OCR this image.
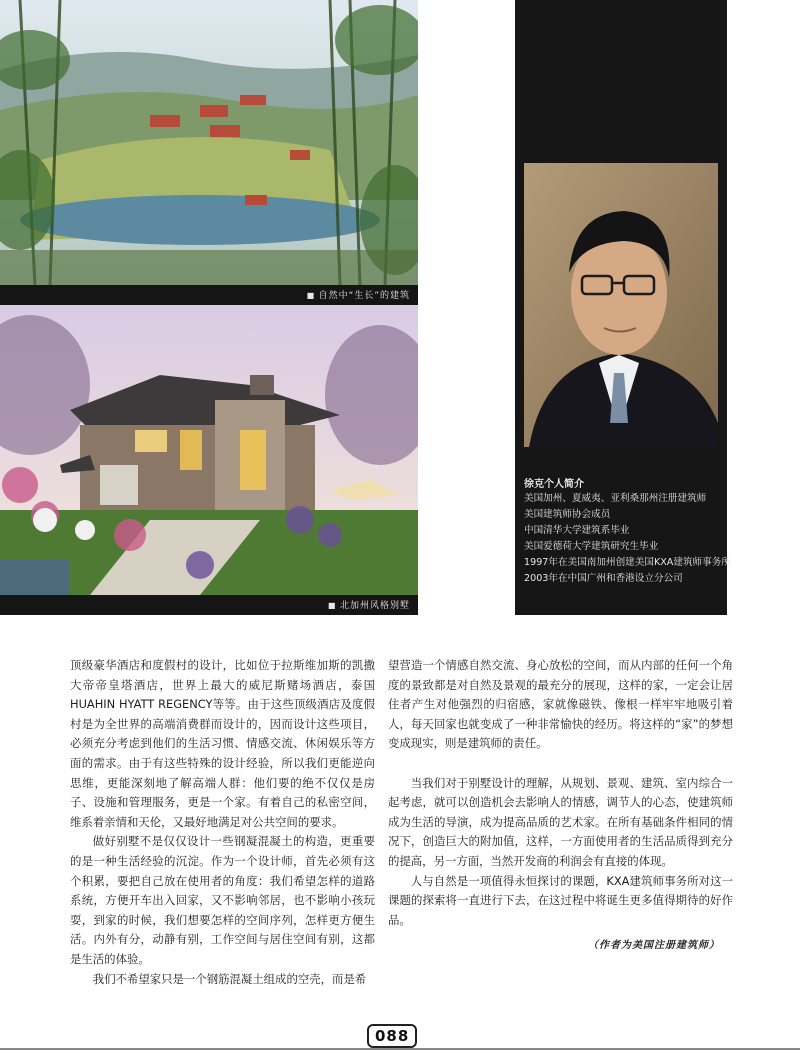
■ 自然中“生长”的建筑
■ 北加州风格别墅
徐克个人简介
美国加州、夏威夷、亚利桑那州注册建筑师
美国建筑师协会成员
中国清华大学建筑系毕业
美国爱德荷大学建筑研究生毕业
1997年在美国南加州创建美国KXA建筑师事务所
2003年在中国广州和香港设立分公司

顶级豪华酒店和度假村的设计，比如位于拉斯维加斯的凯撒大帝帝皇塔酒店，世界上最大的威尼斯赌场酒店，泰国HUAHIN HYATT REGENCY等等。由于这些顶级酒店及度假村是为全世界的高端消费群而设计的，因而设计这些项目，必须充分考虑到他们的生活习惯、情感交流、休闲娱乐等方面的需求。由于有这些特殊的设计经验，所以我们更能逆向思维，更能深刻地了解高端人群：他们要的绝不仅仅是房子、设施和管理服务，更是一个家。有着自己的私密空间，维系着亲情和天伦，又最好地满足对公共空间的要求。

做好别墅不是仅仅设计一些钢凝混凝土的构造，更重要的是一种生活经验的沉淀。作为一个设计师，首先必须有这个积累，要把自己放在使用者的角度：我们希望怎样的道路系统，方便开车出入回家，又不影响邻居，也不影响小孩玩耍，到家的时候，我们想要怎样的空间序列，怎样更方便生活。内外有分，动静有别，工作空间与居住空间有别，这都是生活的体验。

我们不希望家只是一个钢筋混凝土组成的空壳，而是希

望营造一个情感自然交流、身心放松的空间，而从内部的任何一个角度的景致都是对自然及景观的最充分的展现，这样的家，一定会让居住者产生对他强烈的归宿感，家就像磁铁、像根一样牢牢地吸引着人，每天回家也就变成了一种非常愉快的经历。将这样的“家”的梦想变成现实，则是建筑师的责任。

当我们对于别墅设计的理解，从规划、景观、建筑、室内综合一起考虑，就可以创造机会去影响人的情感，调节人的心态，使建筑师成为生活的导演，成为提高品质的艺术家。在所有基础条件相同的情况下，创造巨大的附加值，这样，一方面使用者的生活品质得到充分的提高，另一方面，当然开发商的利润会有直接的体现。

人与自然是一项值得永恒探讨的课题，KXA建筑师事务所对这一课题的探索将一直进行下去，在这过程中将诞生更多值得期待的好作品。

（作者为美国注册建筑师）
088
